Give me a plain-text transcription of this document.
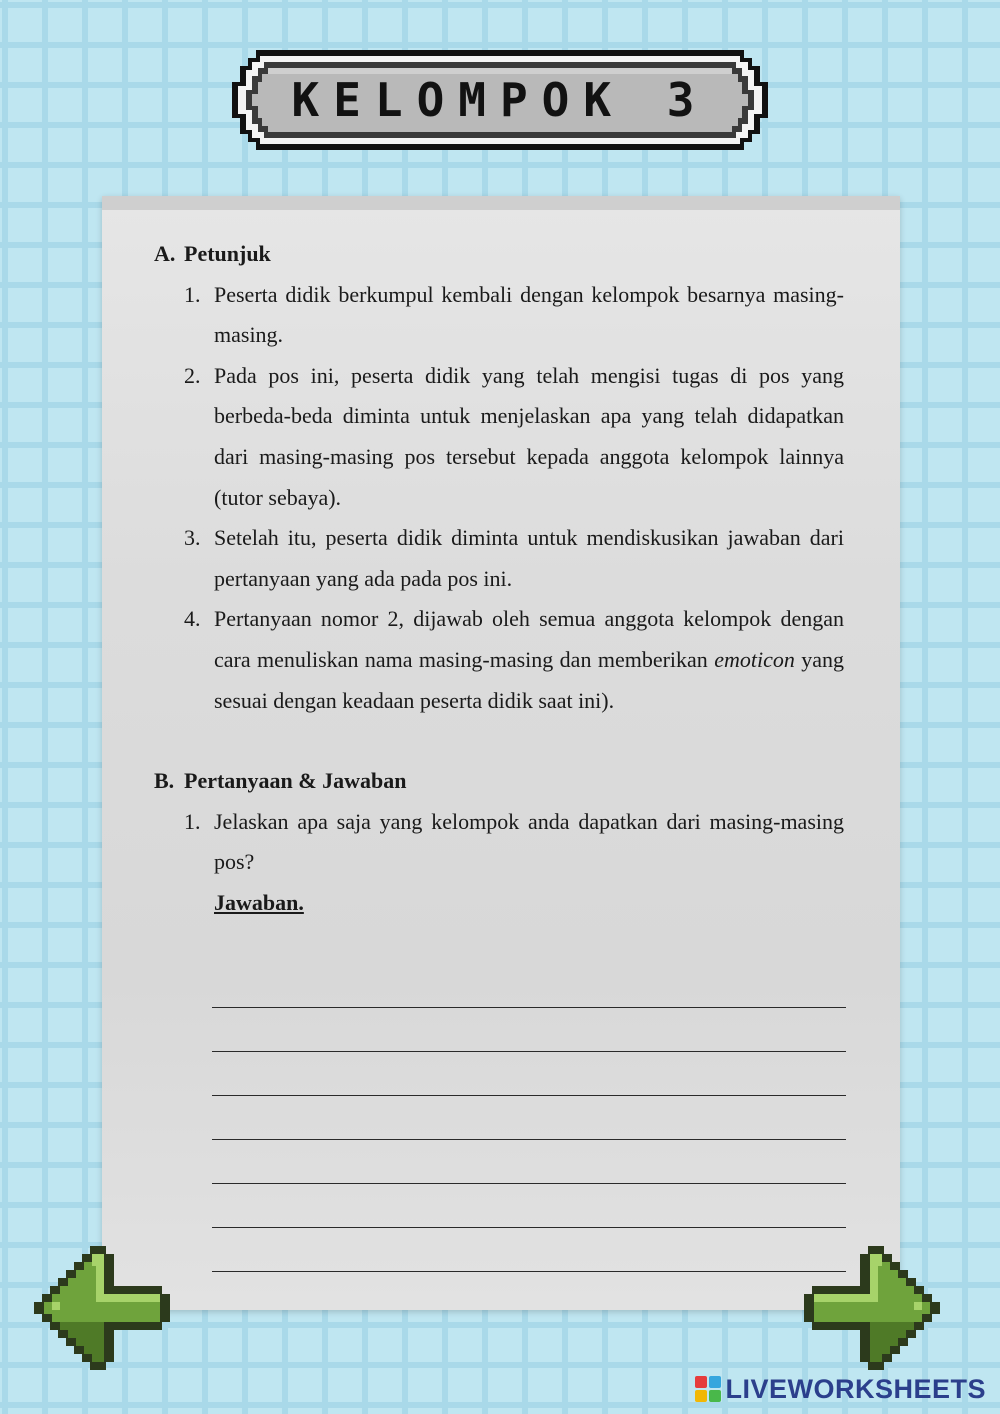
KELOMPOK 3
A. Petunjuk
1. Peserta didik berkumpul kembali dengan kelompok besarnya masing-masing.
2. Pada pos ini, peserta didik yang telah mengisi tugas di pos yang berbeda-beda diminta untuk menjelaskan apa yang telah didapatkan dari masing-masing pos tersebut kepada anggota kelompok lainnya (tutor sebaya).
3. Setelah itu, peserta didik diminta untuk mendiskusikan jawaban dari pertanyaan yang ada pada pos ini.
4. Pertanyaan nomor 2, dijawab oleh semua anggota kelompok dengan cara menuliskan nama masing-masing dan memberikan emoticon yang sesuai dengan keadaan peserta didik saat ini).
B. Pertanyaan & Jawaban
1. Jelaskan apa saja yang kelompok anda dapatkan dari masing-masing pos?
Jawaban.
LIVEWORKSHEETS
